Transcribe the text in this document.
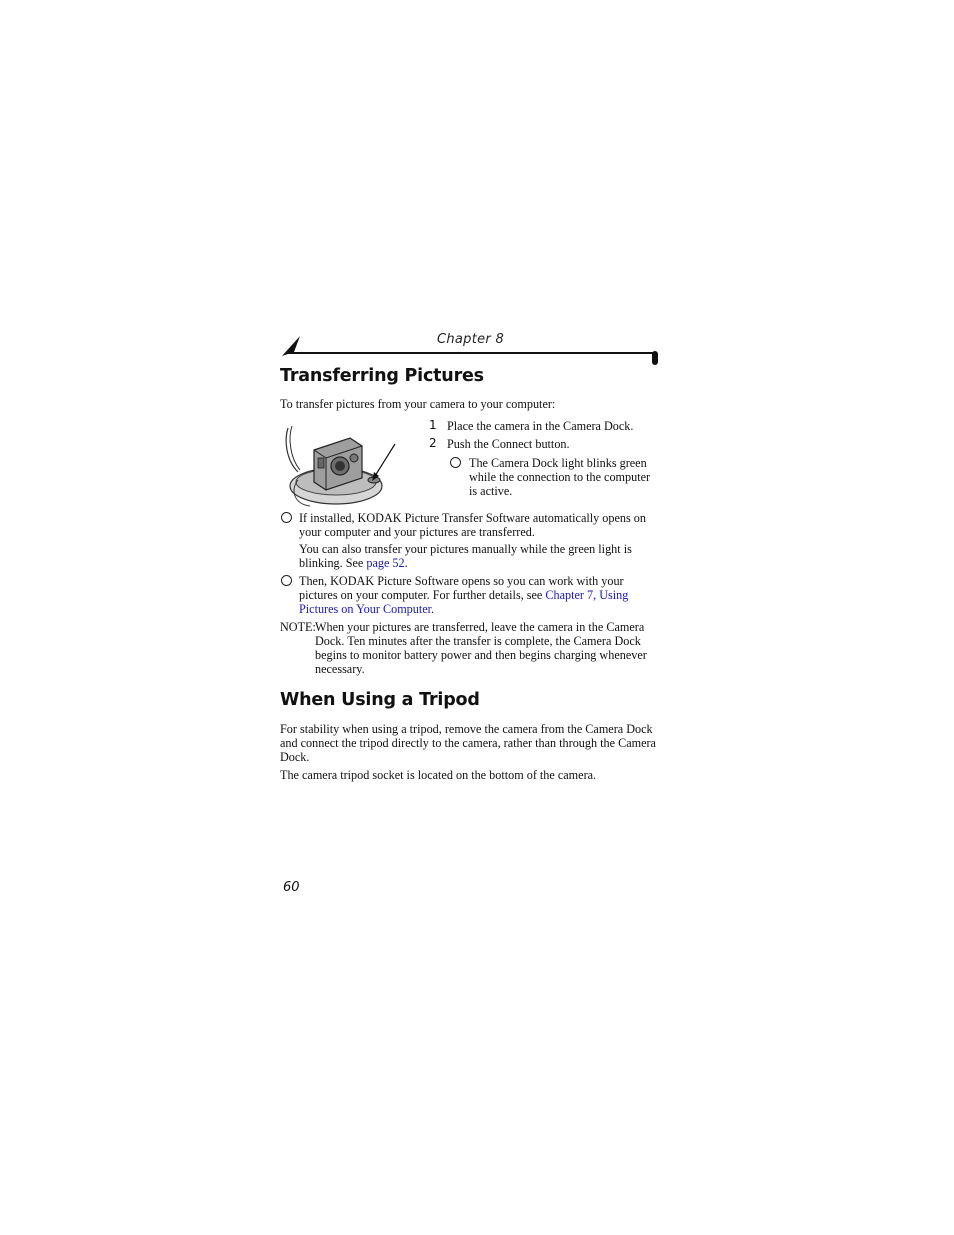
Chapter 8
Transferring Pictures

To transfer pictures from your camera to your computer:

1 Place the camera in the Camera Dock.

2 Push the Connect button.

The Camera Dock light blinks green while the connection to the computer is active.

If installed, KODAK Picture Transfer Software automatically opens on your computer and your pictures are transferred.

You can also transfer your pictures manually while the green light is blinking. See page 52.

Then, KODAK Picture Software opens so you can work with your pictures on your computer. For further details, see Chapter 7, Using Pictures on Your Computer.

NOTE: When your pictures are transferred, leave the camera in the Camera Dock. Ten minutes after the transfer is complete, the Camera Dock begins to monitor battery power and then begins charging whenever necessary.

When Using a Tripod

For stability when using a tripod, remove the camera from the Camera Dock and connect the tripod directly to the camera, rather than through the Camera Dock.

The camera tripod socket is located on the bottom of the camera.

60
